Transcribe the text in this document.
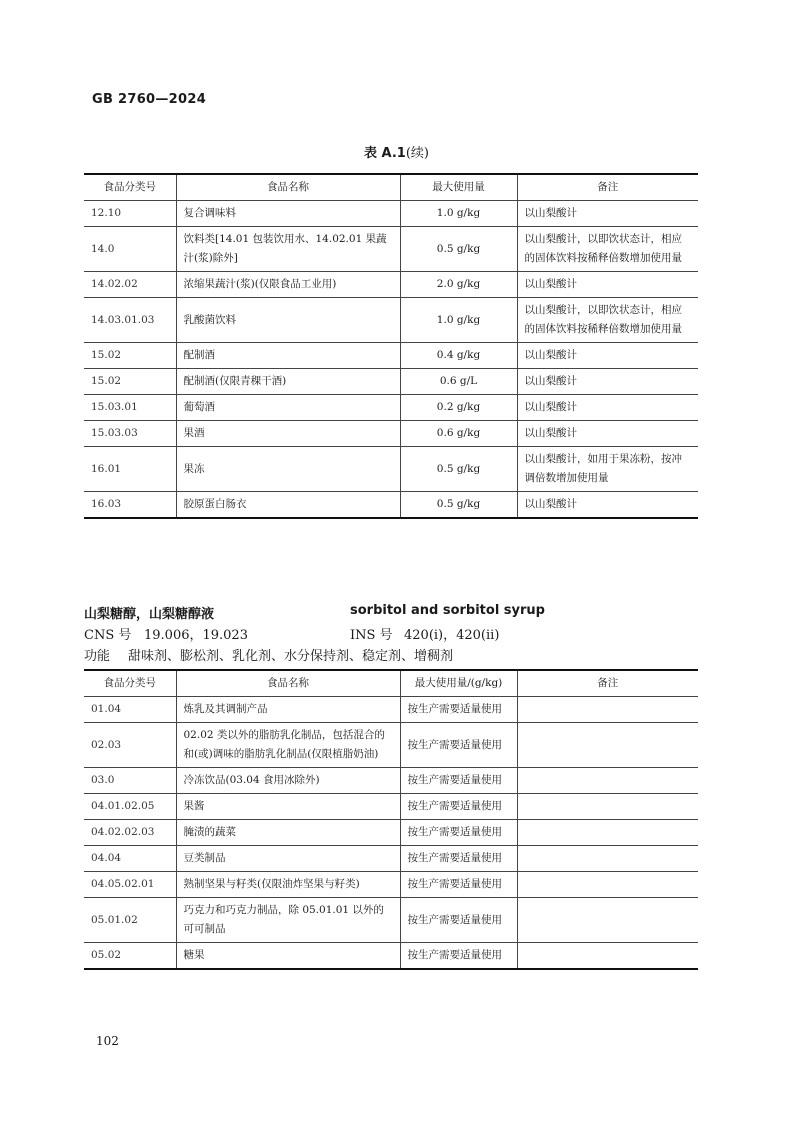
GB 2760—2024
表 A.1(续)
食品分类号	食品名称	最大使用量	备注
12.10	复合调味料	1.0 g/kg	以山梨酸计
14.0	饮料类[14.01 包装饮用水、14.02.01 果蔬汁(浆)除外]	0.5 g/kg	以山梨酸计，以即饮状态计，相应的固体饮料按稀释倍数增加使用量
14.02.02	浓缩果蔬汁(浆)(仅限食品工业用)	2.0 g/kg	以山梨酸计
14.03.01.03	乳酸菌饮料	1.0 g/kg	以山梨酸计，以即饮状态计，相应的固体饮料按稀释倍数增加使用量
15.02	配制酒	0.4 g/kg	以山梨酸计
15.02	配制酒(仅限青稞干酒)	0.6 g/L	以山梨酸计
15.03.01	葡萄酒	0.2 g/kg	以山梨酸计
15.03.03	果酒	0.6 g/kg	以山梨酸计
16.01	果冻	0.5 g/kg	以山梨酸计，如用于果冻粉，按冲调倍数增加使用量
16.03	胶原蛋白肠衣	0.5 g/kg	以山梨酸计
山梨糖醇，山梨糖醇液	sorbitol and sorbitol syrup
CNS 号 19.006，19.023	INS 号 420(i)，420(ii)
功能 甜味剂、膨松剂、乳化剂、水分保持剂、稳定剂、增稠剂
食品分类号	食品名称	最大使用量/(g/kg)	备注
01.04	炼乳及其调制产品	按生产需要适量使用	
02.03	02.02 类以外的脂肪乳化制品，包括混合的和(或)调味的脂肪乳化制品(仅限植脂奶油)	按生产需要适量使用	
03.0	冷冻饮品(03.04 食用冰除外)	按生产需要适量使用	
04.01.02.05	果酱	按生产需要适量使用	
04.02.02.03	腌渍的蔬菜	按生产需要适量使用	
04.04	豆类制品	按生产需要适量使用	
04.05.02.01	熟制坚果与籽类(仅限油炸坚果与籽类)	按生产需要适量使用	
05.01.02	巧克力和巧克力制品，除 05.01.01 以外的可可制品	按生产需要适量使用	
05.02	糖果	按生产需要适量使用	
102
